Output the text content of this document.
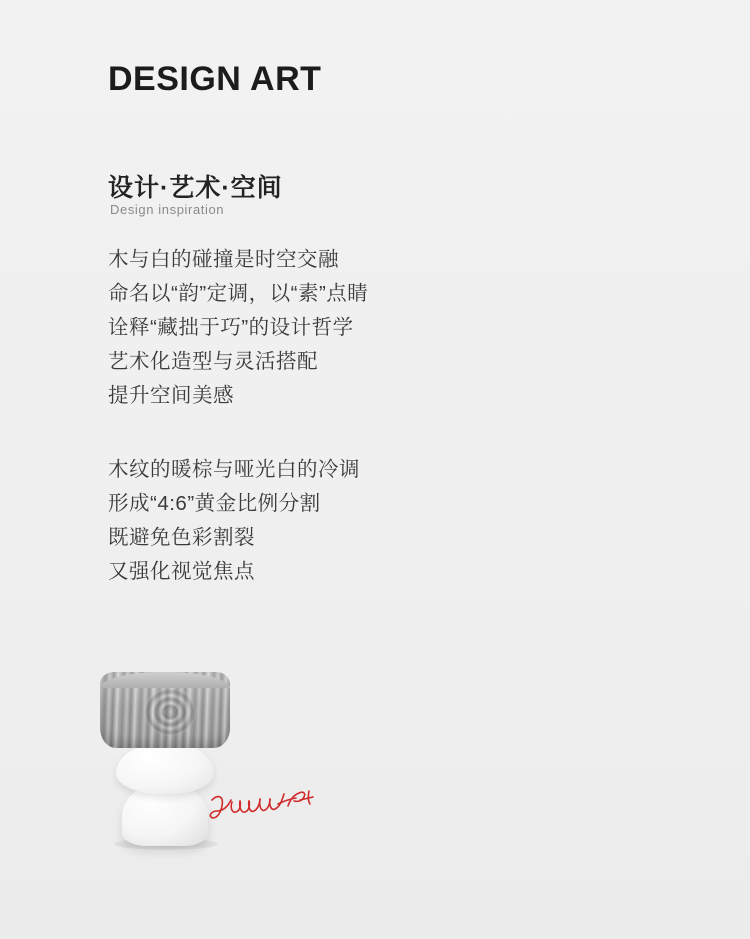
DESIGN ART
设计·艺术·空间
Design inspiration
木与白的碰撞是时空交融
命名以“韵”定调，以“素”点睛
诠释“藏拙于巧”的设计哲学
艺术化造型与灵活搭配
提升空间美感
木纹的暖棕与哑光白的冷调
形成“4:6”黄金比例分割
既避免色彩割裂
又强化视觉焦点
